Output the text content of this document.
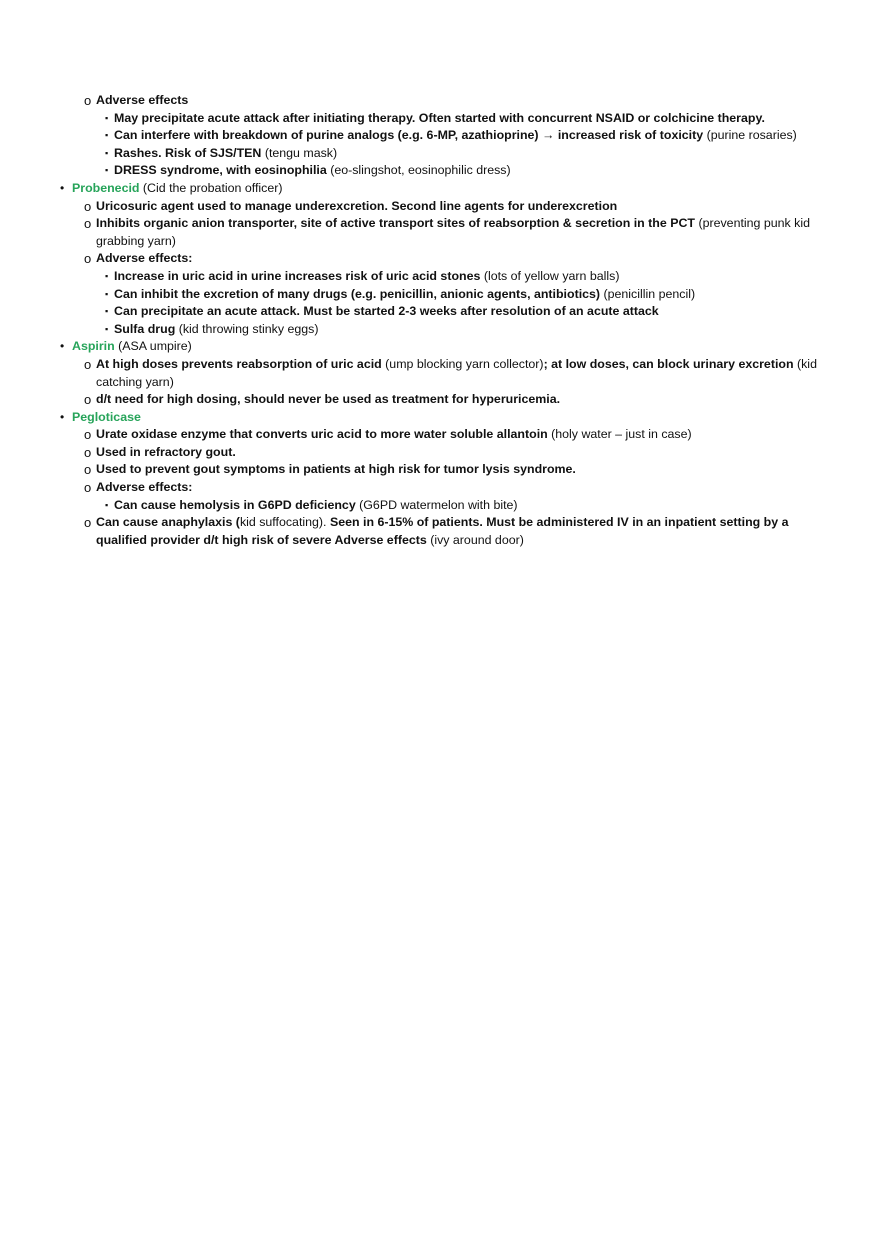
o Adverse effects
▪ May precipitate acute attack after initiating therapy. Often started with concurrent NSAID or colchicine therapy.
▪ Can interfere with breakdown of purine analogs (e.g. 6-MP, azathioprine) → increased risk of toxicity (purine rosaries)
▪ Rashes. Risk of SJS/TEN (tengu mask)
▪ DRESS syndrome, with eosinophilia (eo-slingshot, eosinophilic dress)
• Probenecid (Cid the probation officer)
o Uricosuric agent used to manage underexcretion. Second line agents for underexcretion
o Inhibits organic anion transporter, site of active transport sites of reabsorption & secretion in the PCT (preventing punk kid
grabbing yarn)
o Adverse effects:
▪ Increase in uric acid in urine increases risk of uric acid stones (lots of yellow yarn balls)
▪ Can inhibit the excretion of many drugs (e.g. penicillin, anionic agents, antibiotics) (penicillin pencil)
▪ Can precipitate an acute attack. Must be started 2-3 weeks after resolution of an acute attack
▪ Sulfa drug (kid throwing stinky eggs)
• Aspirin (ASA umpire)
o At high doses prevents reabsorption of uric acid (ump blocking yarn collector); at low doses, can block urinary excretion (kid
catching yarn)
o d/t need for high dosing, should never be used as treatment for hyperuricemia.
• Pegloticase
o Urate oxidase enzyme that converts uric acid to more water soluble allantoin (holy water – just in case)
o Used in refractory gout.
o Used to prevent gout symptoms in patients at high risk for tumor lysis syndrome.
o Adverse effects:
▪ Can cause hemolysis in G6PD deficiency (G6PD watermelon with bite)
o Can cause anaphylaxis (kid suffocating). Seen in 6-15% of patients. Must be administered IV in an inpatient setting by a
qualified provider d/t high risk of severe Adverse effects (ivy around door)
